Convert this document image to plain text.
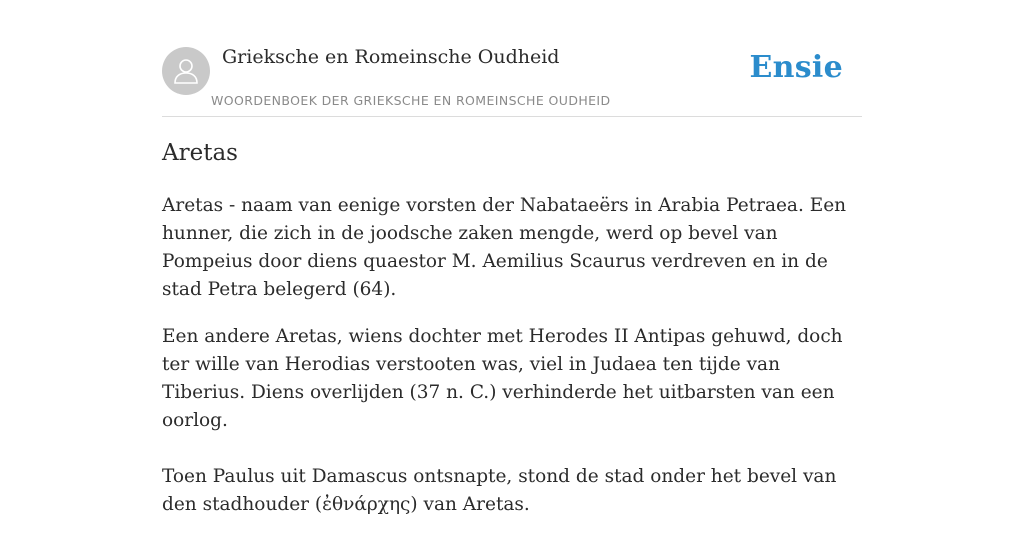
Grieksche en Romeinsche Oudheid
WOORDENBOEK DER GRIEKSCHE EN ROMEINSCHE OUDHEID
Ensie
Aretas

Aretas - naam van eenige vorsten der Nabataeërs in Arabia Petraea. Een hunner, die zich in de joodsche zaken mengde, werd op bevel van Pompeius door diens quaestor M. Aemilius Scaurus verdreven en in de stad Petra belegerd (64).

Een andere Aretas, wiens dochter met Herodes II Antipas gehuwd, doch ter wille van Herodias verstooten was, viel in Judaea ten tijde van Tiberius. Diens overlijden (37 n. C.) verhinderde het uitbarsten van een oorlog.

Toen Paulus uit Damascus ontsnapte, stond de stad onder het bevel van den stadhouder (ἐθνάρχης) van Aretas.
